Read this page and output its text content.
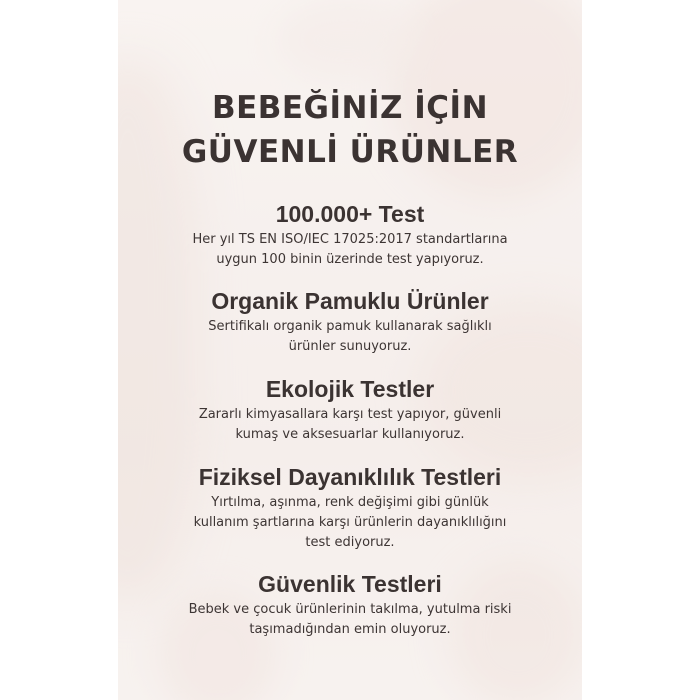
BEBEĞİNİZ İÇİN
GÜVENLİ ÜRÜNLER
100.000+ Test

Her yıl TS EN ISO/IEC 17025:2017 standartlarına
uygun 100 binin üzerinde test yapıyoruz.

Organik Pamuklu Ürünler

Sertifikalı organik pamuk kullanarak sağlıklı
ürünler sunuyoruz.

Ekolojik Testler

Zararlı kimyasallara karşı test yapıyor, güvenli
kumaş ve aksesuarlar kullanıyoruz.

Fiziksel Dayanıklılık Testleri

Yırtılma, aşınma, renk değişimi gibi günlük
kullanım şartlarına karşı ürünlerin dayanıklılığını
test ediyoruz.

Güvenlik Testleri

Bebek ve çocuk ürünlerinin takılma, yutulma riski
taşımadığından emin oluyoruz.
